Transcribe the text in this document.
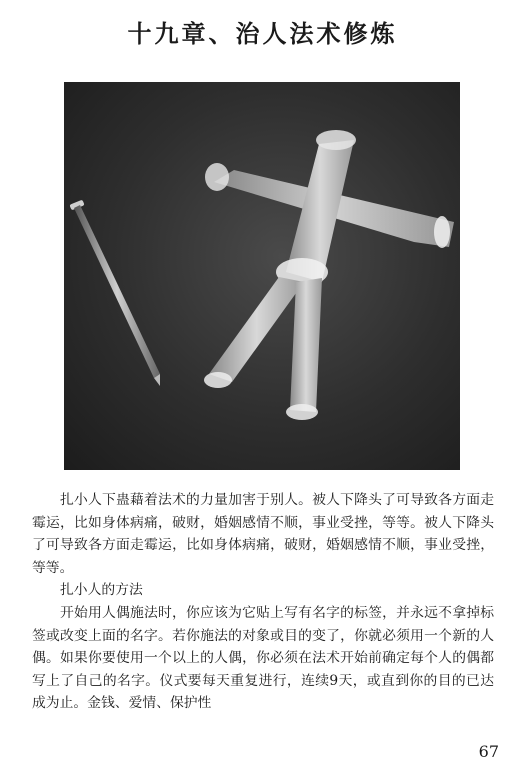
十九章、治人法术修炼

扎小人下蛊藉着法术的力量加害于别人。被人下降头了可导致各方面走霉运，比如身体病痛，破财，婚姻感情不顺，事业受挫，等等。被人下降头了可导致各方面走霉运，比如身体病痛，破财，婚姻感情不顺，事业受挫，等等。

扎小人的方法

开始用人偶施法时，你应该为它贴上写有名字的标签，并永远不拿掉标签或改变上面的名字。若你施法的对象或目的变了，你就必须用一个新的人偶。如果你要使用一个以上的人偶，你必须在法术开始前确定每个人的偶都写上了自己的名字。仪式要每天重复进行，连续9天，或直到你的目的已达成为止。金钱、爱情、保护性

67
